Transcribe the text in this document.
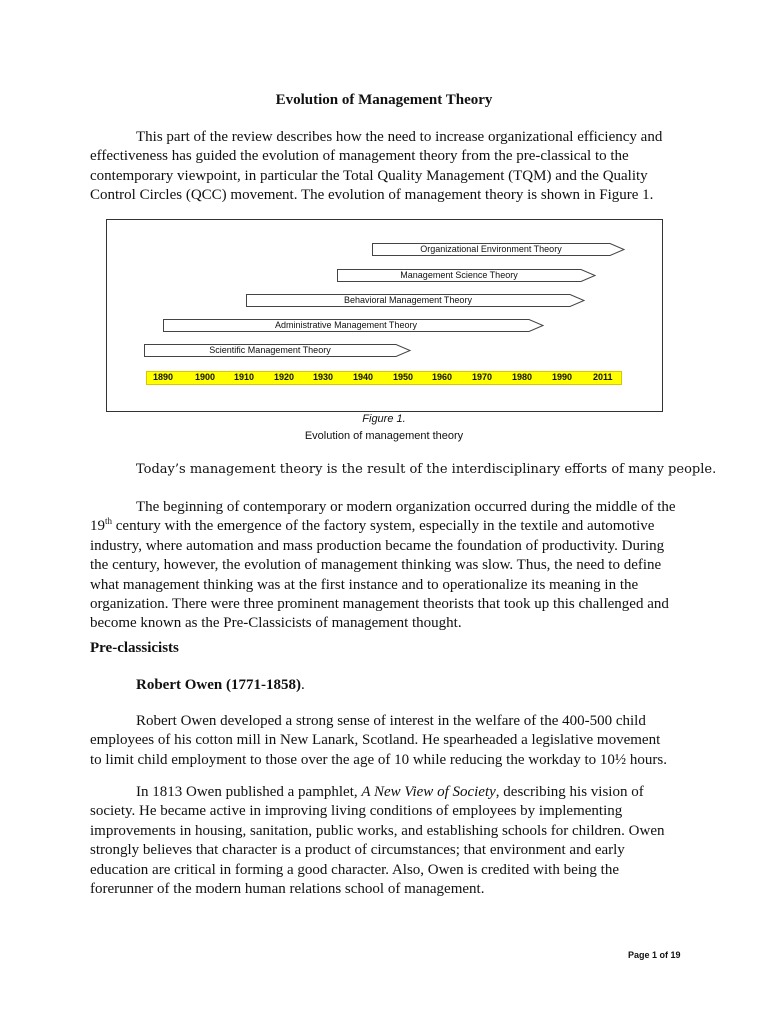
Evolution of Management Theory
This part of the review describes how the need to increase organizational efficiency and
effectiveness has guided the evolution of management theory from the pre-classical to the
contemporary viewpoint, in particular the Total Quality Management (TQM) and the Quality
Control Circles (QCC) movement. The evolution of management theory is shown in Figure 1.
Organizational Environment Theory
Management Science Theory
Behavioral Management Theory
Administrative Management Theory
Scientific Management Theory
1890 1900 1910 1920 1930 1940 1950 1960 1970 1980 1990 2011
Figure 1.
Evolution of management theory
Today’s management theory is the result of the interdisciplinary efforts of many people.
The beginning of contemporary or modern organization occurred during the middle of the
19th century with the emergence of the factory system, especially in the textile and automotive
industry, where automation and mass production became the foundation of productivity. During
the century, however, the evolution of management thinking was slow. Thus, the need to define
what management thinking was at the first instance and to operationalize its meaning in the
organization. There were three prominent management theorists that took up this challenged and
become known as the Pre-Classicists of management thought.
Pre-classicists
Robert Owen (1771-1858).
Robert Owen developed a strong sense of interest in the welfare of the 400-500 child
employees of his cotton mill in New Lanark, Scotland. He spearheaded a legislative movement
to limit child employment to those over the age of 10 while reducing the workday to 10½ hours.
In 1813 Owen published a pamphlet, A New View of Society, describing his vision of
society. He became active in improving living conditions of employees by implementing
improvements in housing, sanitation, public works, and establishing schools for children. Owen
strongly believes that character is a product of circumstances; that environment and early
education are critical in forming a good character. Also, Owen is credited with being the
forerunner of the modern human relations school of management.
Page 1 of 19
